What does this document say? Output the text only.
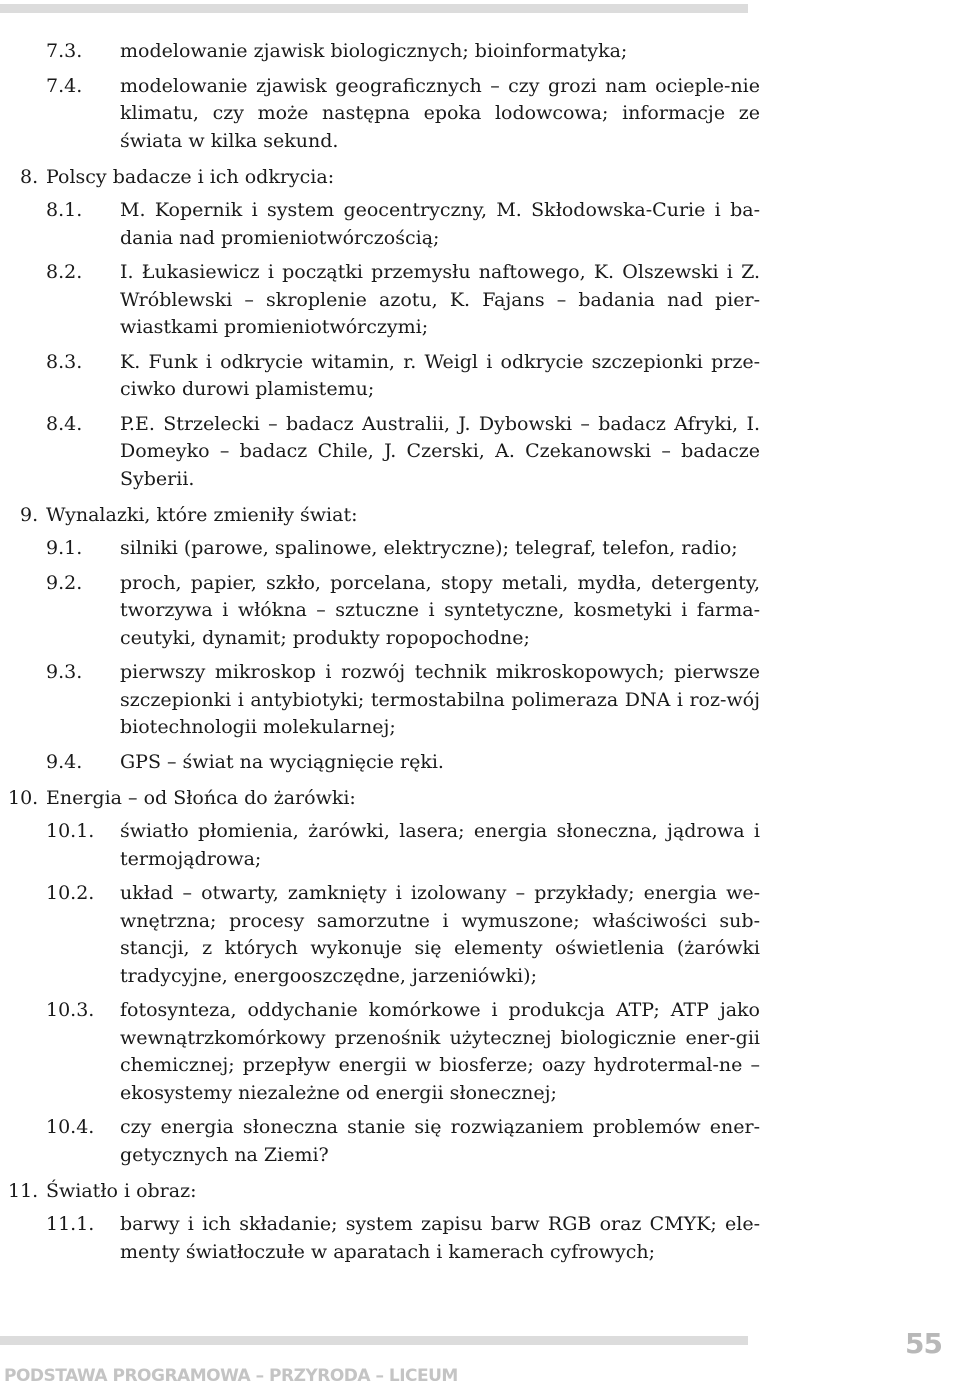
7.3. modelowanie zjawisk biologicznych; bioinformatyka;
7.4. modelowanie zjawisk geograficznych – czy grozi nam ocieple-nie klimatu, czy może następna epoka lodowcowa; informacje ze świata w kilka sekund.
8. Polscy badacze i ich odkrycia:
8.1. M. Kopernik i system geocentryczny, M. Skłodowska-Curie i ba-dania nad promieniotwórczością;
8.2. I. Łukasiewicz i początki przemysłu naftowego, K. Olszewski i Z. Wróblewski – skroplenie azotu, K. Fajans – badania nad pier-wiastkami promieniotwórczymi;
8.3. K. Funk i odkrycie witamin, r. Weigl i odkrycie szczepionki prze-ciwko durowi plamistemu;
8.4. P.E. Strzelecki – badacz Australii, J. Dybowski – badacz Afryki, I. Domeyko – badacz Chile, J. Czerski, A. Czekanowski – badacze Syberii.
9. Wynalazki, które zmieniły świat:
9.1. silniki (parowe, spalinowe, elektryczne); telegraf, telefon, radio;
9.2. proch, papier, szkło, porcelana, stopy metali, mydła, detergenty, tworzywa i włókna – sztuczne i syntetyczne, kosmetyki i farma-ceutyki, dynamit; produkty ropopochodne;
9.3. pierwszy mikroskop i rozwój technik mikroskopowych; pierwsze szczepionki i antybiotyki; termostabilna polimeraza DNA i roz-wój biotechnologii molekularnej;
9.4. GPS – świat na wyciągnięcie ręki.
10. Energia – od Słońca do żarówki:
10.1. światło płomienia, żarówki, lasera; energia słoneczna, jądrowa i termojądrowa;
10.2. układ – otwarty, zamknięty i izolowany – przykłady; energia we-wnętrzna; procesy samorzutne i wymuszone; właściwości sub-stancji, z których wykonuje się elementy oświetlenia (żarówki tradycyjne, energooszczędne, jarzeniówki);
10.3. fotosynteza, oddychanie komórkowe i produkcja ATP; ATP jako wewnątrzkomórkowy przenośnik użytecznej biologicznie ener-gii chemicznej; przepływ energii w biosferze; oazy hydrotermal-ne – ekosystemy niezależne od energii słonecznej;
10.4. czy energia słoneczna stanie się rozwiązaniem problemów ener-getycznych na Ziemi?
11. Światło i obraz:
11.1. barwy i ich składanie; system zapisu barw RGB oraz CMYK; ele-menty światłoczułe w aparatach i kamerach cyfrowych;
PODSTAWA PROGRAMOWA – PRZYRODA – LICEUM
55
